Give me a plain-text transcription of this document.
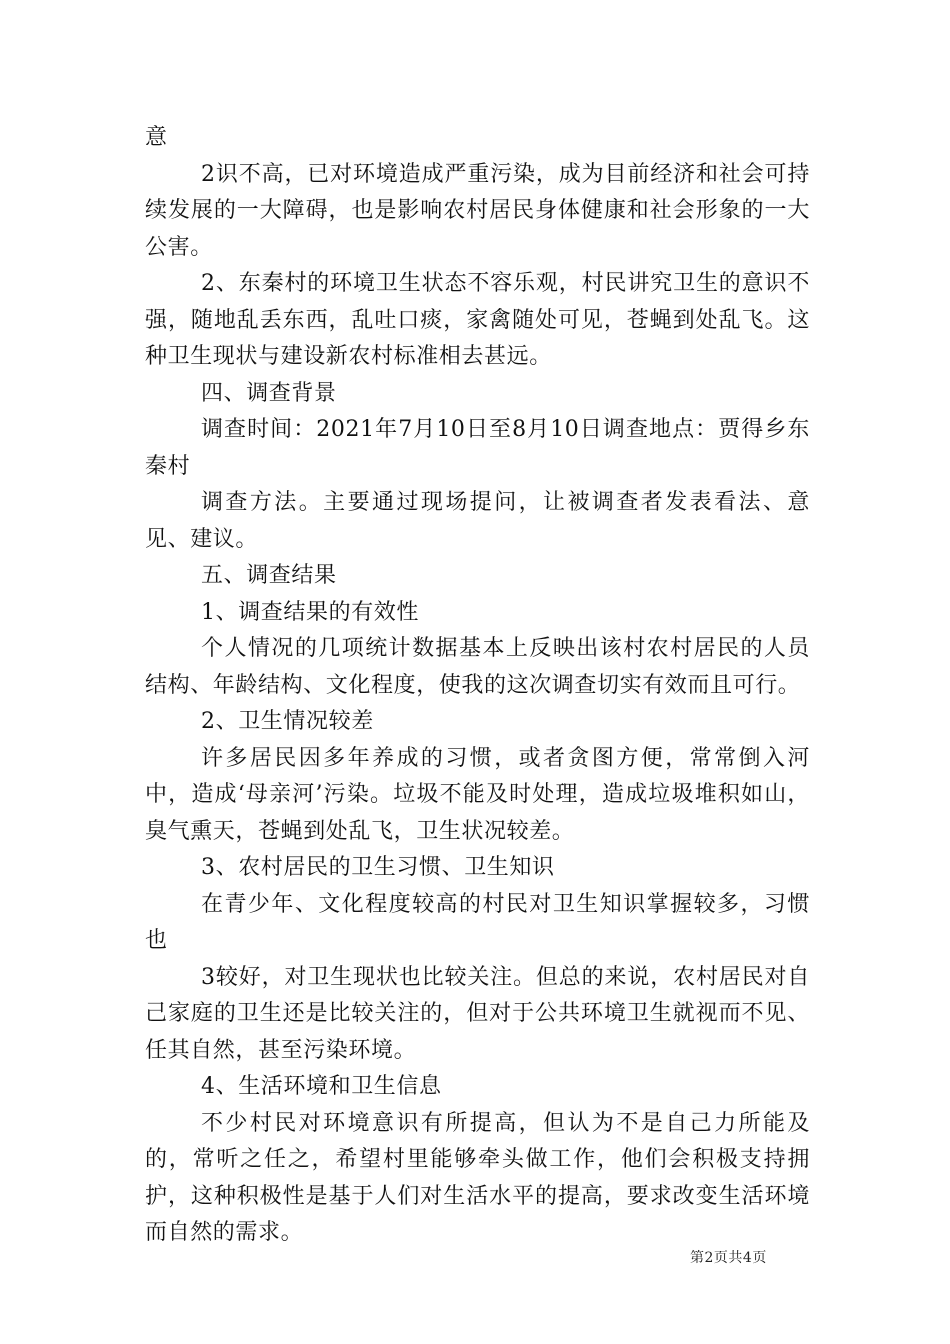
意

2识不高，已对环境造成严重污染，成为目前经济和社会可持续发展的一大障碍，也是影响农村居民身体健康和社会形象的一大公害。

2、东秦村的环境卫生状态不容乐观，村民讲究卫生的意识不强，随地乱丢东西，乱吐口痰，家禽随处可见，苍蝇到处乱飞。这种卫生现状与建设新农村标准相去甚远。

四、调查背景

调查时间：2021年7月10日至8月10日调查地点：贾得乡东秦村

调查方法。主要通过现场提问，让被调查者发表看法、意见、建议。

五、调查结果

1、调查结果的有效性

个人情况的几项统计数据基本上反映出该村农村居民的人员结构、年龄结构、文化程度，使我的这次调查切实有效而且可行。

2、卫生情况较差

许多居民因多年养成的习惯，或者贪图方便，常常倒入河中，造成‘母亲河’污染。垃圾不能及时处理，造成垃圾堆积如山，臭气熏天，苍蝇到处乱飞，卫生状况较差。

3、农村居民的卫生习惯、卫生知识

在青少年、文化程度较高的村民对卫生知识掌握较多，习惯也

3较好，对卫生现状也比较关注。但总的来说，农村居民对自己家庭的卫生还是比较关注的，但对于公共环境卫生就视而不见、任其自然，甚至污染环境。

4、生活环境和卫生信息

不少村民对环境意识有所提高，但认为不是自己力所能及的，常听之任之，希望村里能够牵头做工作，他们会积极支持拥护，这种积极性是基于人们对生活水平的提高，要求改变生活环境而自然的需求。

第2页共4页
